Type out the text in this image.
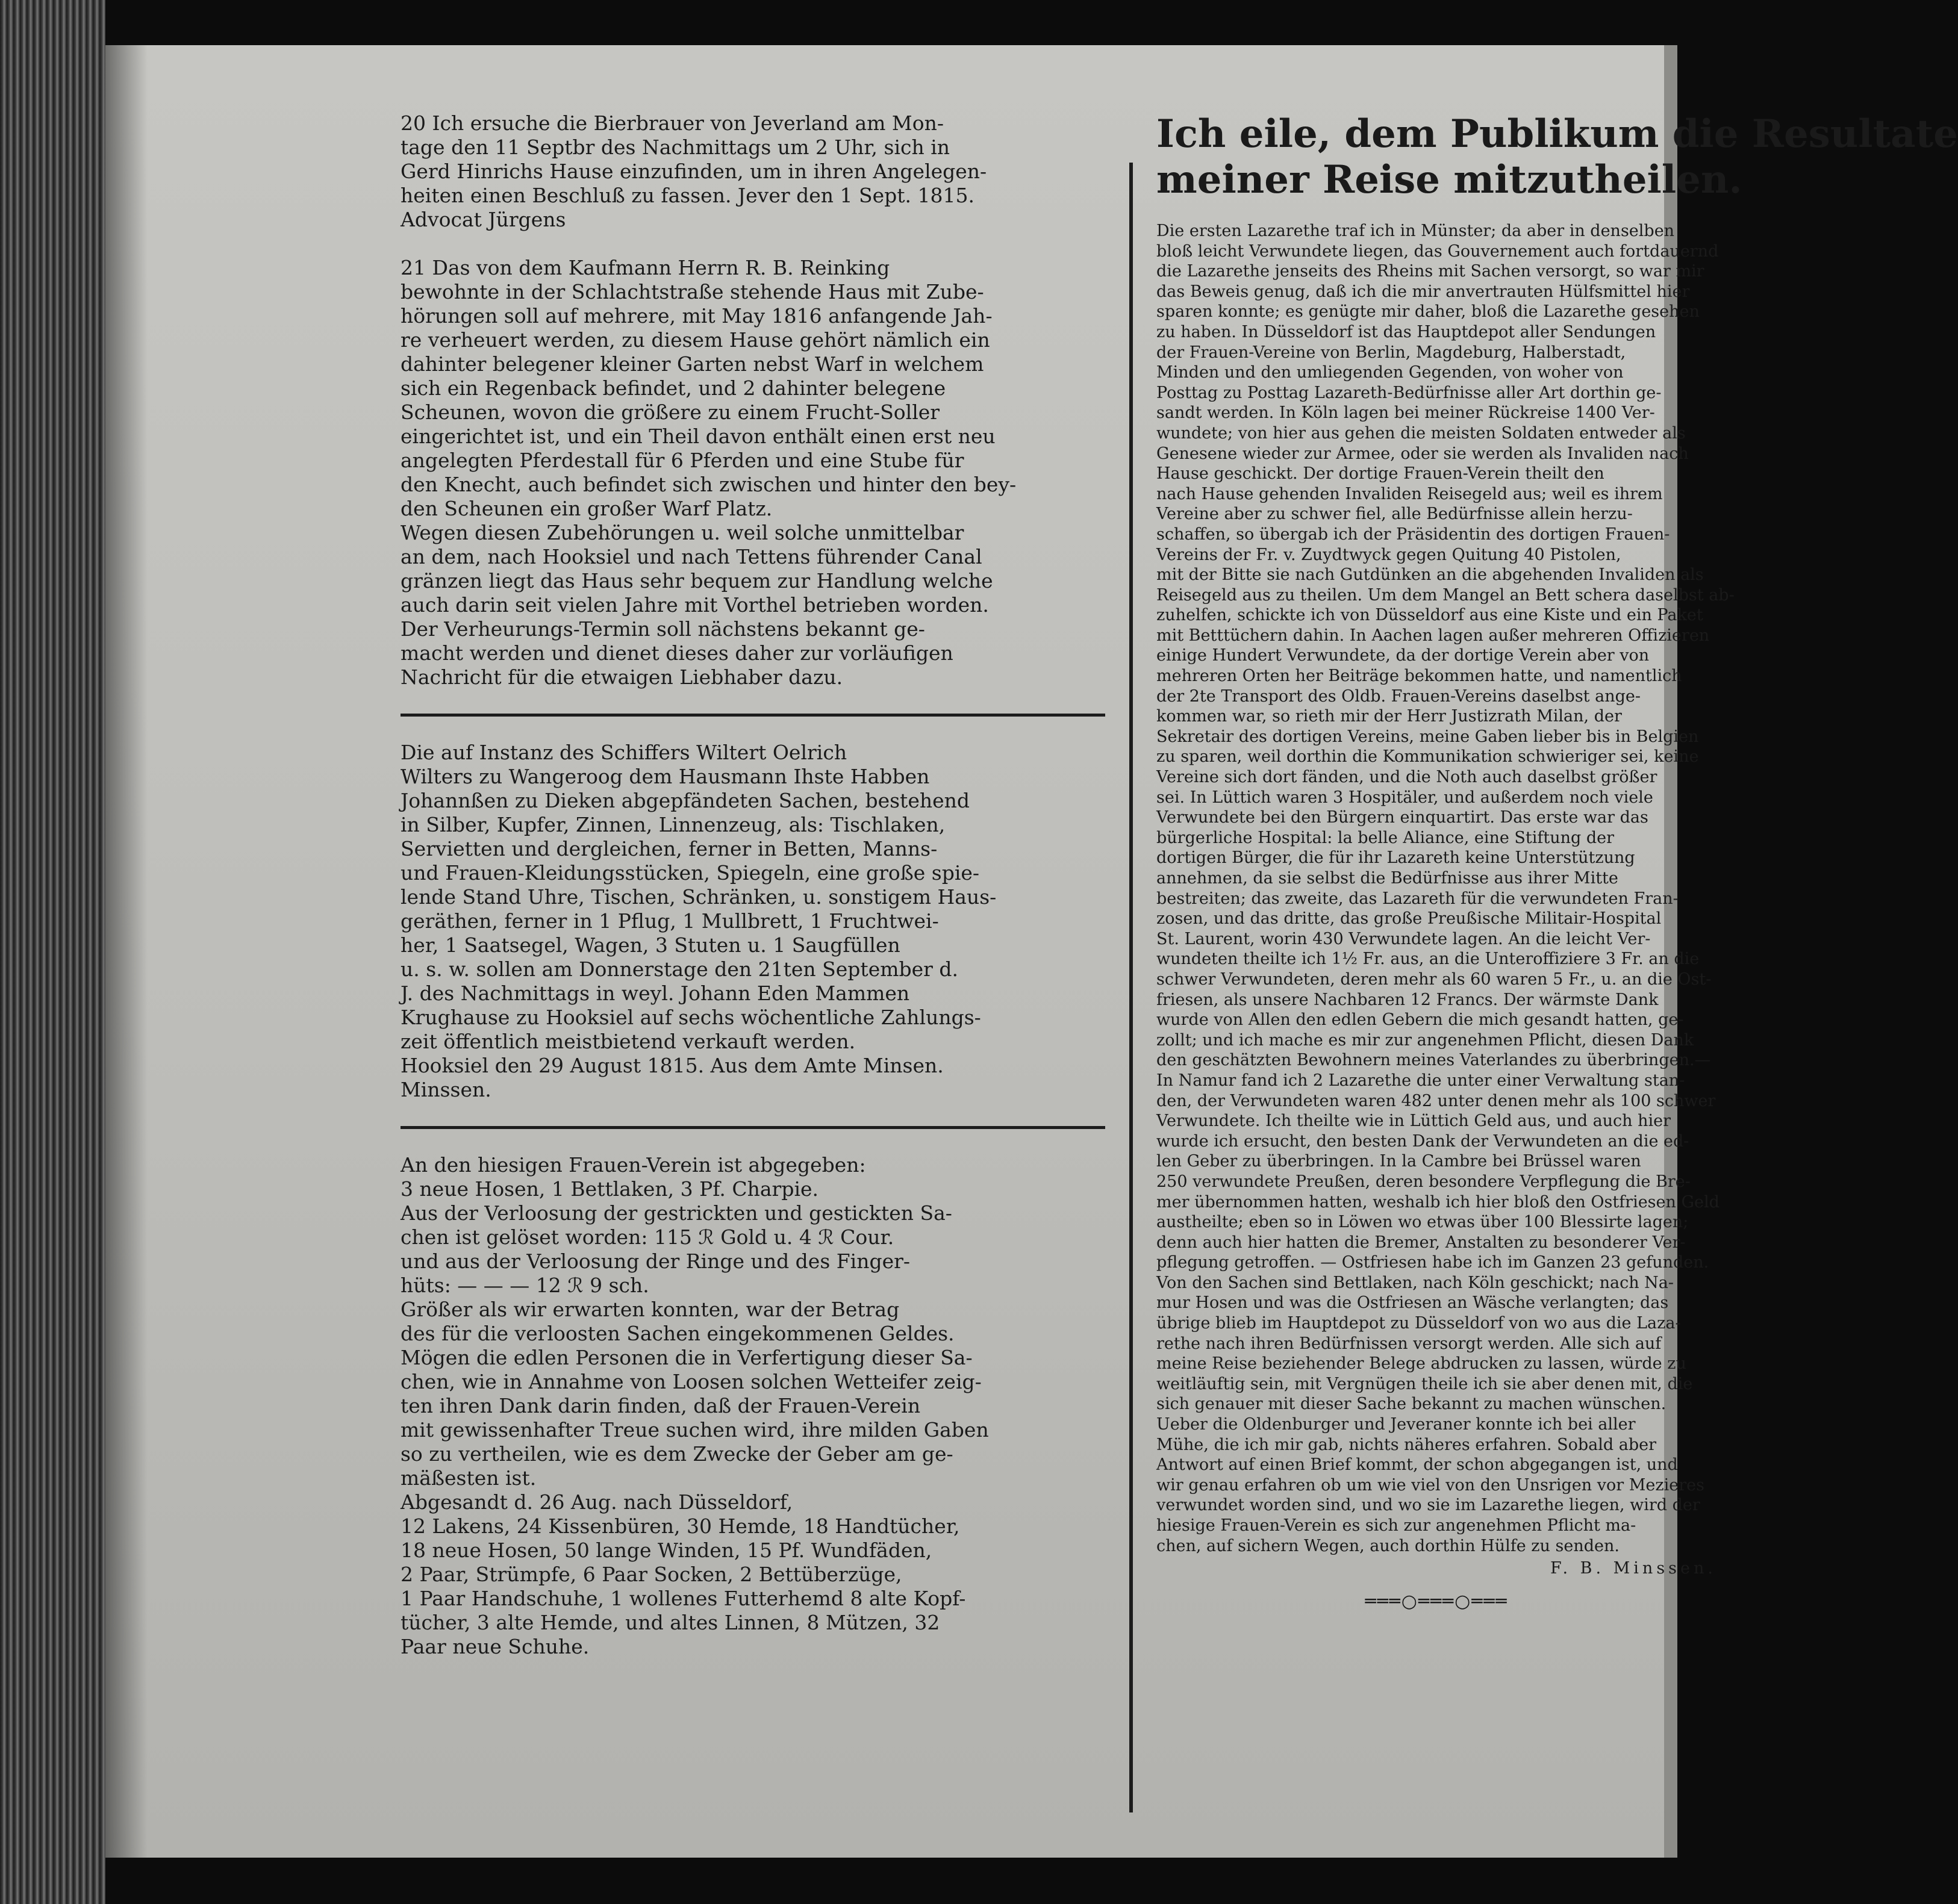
20 Ich ersuche die Bierbrauer von Jeverland am Mon-
tage den 11 Septbr des Nachmittags um 2 Uhr, sich in
Gerd Hinrichs Hause einzufinden, um in ihren Angelegen-
heiten einen Beschluß zu fassen. Jever den 1 Sept. 1815.
Advocat Jürgens
21 Das von dem Kaufmann Herrn R. B. Reinking
bewohnte in der Schlachtstraße stehende Haus mit Zube-
hörungen soll auf mehrere, mit May 1816 anfangende Jah-
re verheuert werden, zu diesem Hause gehört nämlich ein
dahinter belegener kleiner Garten nebst Warf in welchem
sich ein Regenback befindet, und 2 dahinter belegene
Scheunen, wovon die größere zu einem Frucht-Soller
eingerichtet ist, und ein Theil davon enthält einen erst neu
angelegten Pferdestall für 6 Pferden und eine Stube für
den Knecht, auch befindet sich zwischen und hinter den bey-
den Scheunen ein großer Warf Platz.
Wegen diesen Zubehörungen u. weil solche unmittelbar
an dem, nach Hooksiel und nach Tettens führender Canal
gränzen liegt das Haus sehr bequem zur Handlung welche
auch darin seit vielen Jahre mit Vorthel betrieben worden.
Der Verheurungs-Termin soll nächstens bekannt ge-
macht werden und dienet dieses daher zur vorläufigen
Nachricht für die etwaigen Liebhaber dazu.
Die auf Instanz des Schiffers Wiltert Oelrich
Wilters zu Wangeroog dem Hausmann Ihste Habben
Johannßen zu Dieken abgepfändeten Sachen, bestehend
in Silber, Kupfer, Zinnen, Linnenzeug, als: Tischlaken,
Servietten und dergleichen, ferner in Betten, Manns-
und Frauen-Kleidungsstücken, Spiegeln, eine große spie-
lende Stand Uhre, Tischen, Schränken, u. sonstigem Haus-
geräthen, ferner in 1 Pflug, 1 Mullbrett, 1 Fruchtwei-
her, 1 Saatsegel, Wagen, 3 Stuten u. 1 Saugfüllen
u. s. w. sollen am Donnerstage den 21ten September d.
J. des Nachmittags in weyl. Johann Eden Mammen
Krughause zu Hooksiel auf sechs wöchentliche Zahlungs-
zeit öffentlich meistbietend verkauft werden.
Hooksiel den 29 August 1815. Aus dem Amte Minsen.
Minssen.
An den hiesigen Frauen-Verein ist abgegeben:
3 neue Hosen, 1 Bettlaken, 3 Pf. Charpie.
Aus der Verloosung der gestrickten und gestickten Sa-
chen ist gelöset worden: 115 ℛ Gold u. 4 ℛ Cour.
und aus der Verloosung der Ringe und des Finger-
hüts: — — — 12 ℛ 9 sch.
Größer als wir erwarten konnten, war der Betrag
des für die verloosten Sachen eingekommenen Geldes.
Mögen die edlen Personen die in Verfertigung dieser Sa-
chen, wie in Annahme von Loosen solchen Wetteifer zeig-
ten ihren Dank darin finden, daß der Frauen-Verein
mit gewissenhafter Treue suchen wird, ihre milden Gaben
so zu vertheilen, wie es dem Zwecke der Geber am ge-
mäßesten ist.
Abgesandt d. 26 Aug. nach Düsseldorf,
12 Lakens, 24 Kissenbüren, 30 Hemde, 18 Handtücher,
18 neue Hosen, 50 lange Winden, 15 Pf. Wundfäden,
2 Paar, Strümpfe, 6 Paar Socken, 2 Bettüberzüge,
1 Paar Handschuhe, 1 wollenes Futterhemd 8 alte Kopf-
tücher, 3 alte Hemde, und altes Linnen, 8 Mützen, 32
Paar neue Schuhe.
Ich eile, dem Publikum die Resultate
meiner Reise mitzutheilen.
Die ersten Lazarethe traf ich in Münster; da aber in denselben
bloß leicht Verwundete liegen, das Gouvernement auch fortdauernd
die Lazarethe jenseits des Rheins mit Sachen versorgt, so war mir
das Beweis genug, daß ich die mir anvertrauten Hülfsmittel hier
sparen konnte; es genügte mir daher, bloß die Lazarethe gesehen
zu haben. In Düsseldorf ist das Hauptdepot aller Sendungen
der Frauen-Vereine von Berlin, Magdeburg, Halberstadt,
Minden und den umliegenden Gegenden, von woher von
Posttag zu Posttag Lazareth-Bedürfnisse aller Art dorthin ge-
sandt werden. In Köln lagen bei meiner Rückreise 1400 Ver-
wundete; von hier aus gehen die meisten Soldaten entweder als
Genesene wieder zur Armee, oder sie werden als Invaliden nach
Hause geschickt. Der dortige Frauen-Verein theilt den
nach Hause gehenden Invaliden Reisegeld aus; weil es ihrem
Vereine aber zu schwer fiel, alle Bedürfnisse allein herzu-
schaffen, so übergab ich der Präsidentin des dortigen Frauen-
Vereins der Fr. v. Zuydtwyck gegen Quitung 40 Pistolen,
mit der Bitte sie nach Gutdünken an die abgehenden Invaliden als
Reisegeld aus zu theilen. Um dem Mangel an Bett schera daselbst ab-
zuhelfen, schickte ich von Düsseldorf aus eine Kiste und ein Paket
mit Betttüchern dahin. In Aachen lagen außer mehreren Offizieren
einige Hundert Verwundete, da der dortige Verein aber von
mehreren Orten her Beiträge bekommen hatte, und namentlich
der 2te Transport des Oldb. Frauen-Vereins daselbst ange-
kommen war, so rieth mir der Herr Justizrath Milan, der
Sekretair des dortigen Vereins, meine Gaben lieber bis in Belgien
zu sparen, weil dorthin die Kommunikation schwieriger sei, keine
Vereine sich dort fänden, und die Noth auch daselbst größer
sei. In Lüttich waren 3 Hospitäler, und außerdem noch viele
Verwundete bei den Bürgern einquartirt. Das erste war das
bürgerliche Hospital: la belle Aliance, eine Stiftung der
dortigen Bürger, die für ihr Lazareth keine Unterstützung
annehmen, da sie selbst die Bedürfnisse aus ihrer Mitte
bestreiten; das zweite, das Lazareth für die verwundeten Fran-
zosen, und das dritte, das große Preußische Militair-Hospital
St. Laurent, worin 430 Verwundete lagen. An die leicht Ver-
wundeten theilte ich 1½ Fr. aus, an die Unteroffiziere 3 Fr. an die
schwer Verwundeten, deren mehr als 60 waren 5 Fr., u. an die Ost-
friesen, als unsere Nachbaren 12 Francs. Der wärmste Dank
wurde von Allen den edlen Gebern die mich gesandt hatten, ge-
zollt; und ich mache es mir zur angenehmen Pflicht, diesen Dank
den geschätzten Bewohnern meines Vaterlandes zu überbringen.—
In Namur fand ich 2 Lazarethe die unter einer Verwaltung stan-
den, der Verwundeten waren 482 unter denen mehr als 100 schwer
Verwundete. Ich theilte wie in Lüttich Geld aus, und auch hier
wurde ich ersucht, den besten Dank der Verwundeten an die ed-
len Geber zu überbringen. In la Cambre bei Brüssel waren
250 verwundete Preußen, deren besondere Verpflegung die Bre-
mer übernommen hatten, weshalb ich hier bloß den Ostfriesen Geld
austheilte; eben so in Löwen wo etwas über 100 Blessirte lagen;
denn auch hier hatten die Bremer, Anstalten zu besonderer Ver-
pflegung getroffen. — Ostfriesen habe ich im Ganzen 23 gefunden.
Von den Sachen sind Bettlaken, nach Köln geschickt; nach Na-
mur Hosen und was die Ostfriesen an Wäsche verlangten; das
übrige blieb im Hauptdepot zu Düsseldorf von wo aus die Laza-
rethe nach ihren Bedürfnissen versorgt werden. Alle sich auf
meine Reise beziehender Belege abdrucken zu lassen, würde zu
weitläuftig sein, mit Vergnügen theile ich sie aber denen mit, die
sich genauer mit dieser Sache bekannt zu machen wünschen.
Ueber die Oldenburger und Jeveraner konnte ich bei aller
Mühe, die ich mir gab, nichts näheres erfahren. Sobald aber
Antwort auf einen Brief kommt, der schon abgegangen ist, und
wir genau erfahren ob um wie viel von den Unsrigen vor Mezieres
verwundet worden sind, und wo sie im Lazarethe liegen, wird der
hiesige Frauen-Verein es sich zur angenehmen Pflicht ma-
chen, auf sichern Wegen, auch dorthin Hülfe zu senden.
F. B. Minssen.
═══○═══○═══
